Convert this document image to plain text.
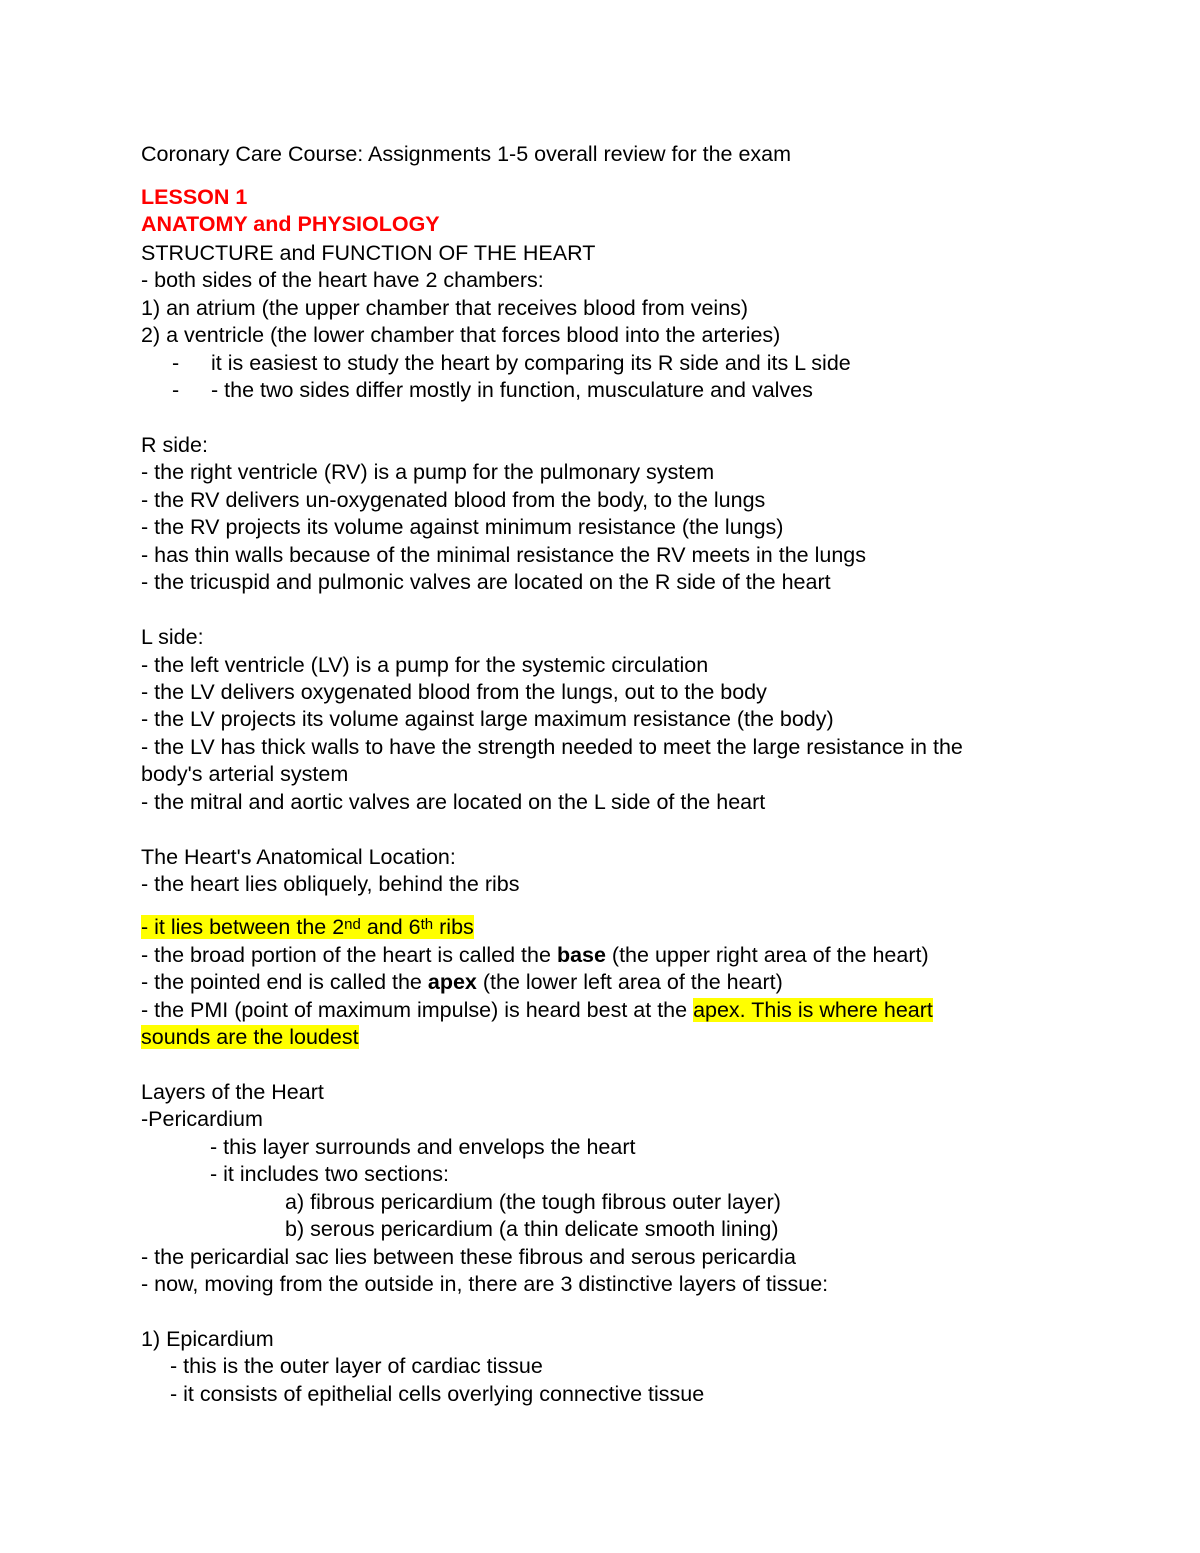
Coronary Care Course: Assignments 1-5 overall review for the exam
LESSON 1
ANATOMY and PHYSIOLOGY
STRUCTURE and FUNCTION OF THE HEART
- both sides of the heart have 2 chambers:
1) an atrium (the upper chamber that receives blood from veins)
2) a ventricle (the lower chamber that forces blood into the arteries)
- it is easiest to study the heart by comparing its R side and its L side
- - the two sides differ mostly in function, musculature and valves
R side:
- the right ventricle (RV) is a pump for the pulmonary system
- the RV delivers un-oxygenated blood from the body, to the lungs
- the RV projects its volume against minimum resistance (the lungs)
- has thin walls because of the minimal resistance the RV meets in the lungs
- the tricuspid and pulmonic valves are located on the R side of the heart
L side:
- the left ventricle (LV) is a pump for the systemic circulation
- the LV delivers oxygenated blood from the lungs, out to the body
- the LV projects its volume against large maximum resistance (the body)
- the LV has thick walls to have the strength needed to meet the large resistance in the
body's arterial system
- the mitral and aortic valves are located on the L side of the heart
The Heart's Anatomical Location:
- the heart lies obliquely, behind the ribs
- it lies between the 2nd and 6th ribs
- the broad portion of the heart is called the base (the upper right area of the heart)
- the pointed end is called the apex (the lower left area of the heart)
- the PMI (point of maximum impulse) is heard best at the apex. This is where heart
sounds are the loudest
Layers of the Heart
-Pericardium
- this layer surrounds and envelops the heart
- it includes two sections:
a) fibrous pericardium (the tough fibrous outer layer)
b) serous pericardium (a thin delicate smooth lining)
- the pericardial sac lies between these fibrous and serous pericardia
- now, moving from the outside in, there are 3 distinctive layers of tissue:
1) Epicardium
- this is the outer layer of cardiac tissue
- it consists of epithelial cells overlying connective tissue
